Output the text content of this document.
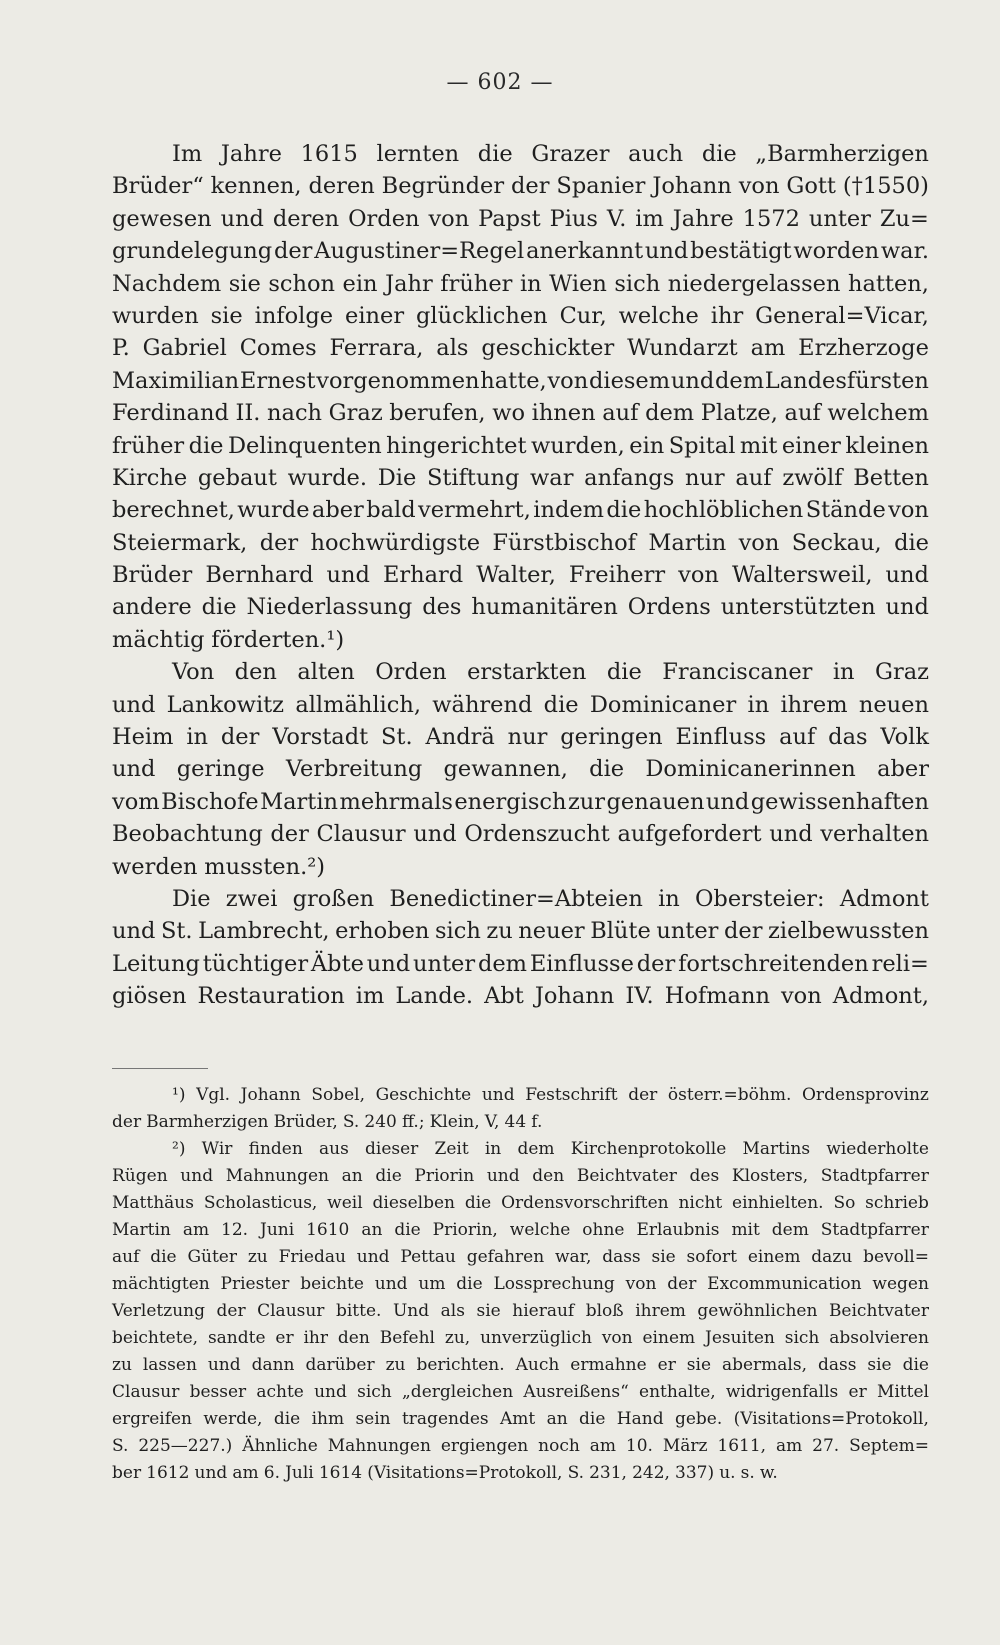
— 602 —
Im Jahre 1615 lernten die Grazer auch die „Barmherzigen
Brüder“ kennen, deren Begründer der Spanier Johann von Gott (†1550)
gewesen und deren Orden von Papst Pius V. im Jahre 1572 unter Zu=
grundelegung der Augustiner=Regel anerkannt und bestätigt worden war.
Nachdem sie schon ein Jahr früher in Wien sich niedergelassen hatten,
wurden sie infolge einer glücklichen Cur, welche ihr General=Vicar,
P. Gabriel Comes Ferrara, als geschickter Wundarzt am Erzherzoge
Maximilian Ernest vorgenommen hatte, von diesem und dem Landesfürsten
Ferdinand II. nach Graz berufen, wo ihnen auf dem Platze, auf welchem
früher die Delinquenten hingerichtet wurden, ein Spital mit einer kleinen
Kirche gebaut wurde. Die Stiftung war anfangs nur auf zwölf Betten
berechnet, wurde aber bald vermehrt, indem die hochlöblichen Stände von
Steiermark, der hochwürdigste Fürstbischof Martin von Seckau, die
Brüder Bernhard und Erhard Walter, Freiherr von Waltersweil, und
andere die Niederlassung des humanitären Ordens unterstützten und
mächtig förderten.¹)
Von den alten Orden erstarkten die Franciscaner in Graz
und Lankowitz allmählich, während die Dominicaner in ihrem neuen
Heim in der Vorstadt St. Andrä nur geringen Einfluss auf das Volk
und geringe Verbreitung gewannen, die Dominicanerinnen aber
vom Bischofe Martin mehrmals energisch zur genauen und gewissenhaften
Beobachtung der Clausur und Ordenszucht aufgefordert und verhalten
werden mussten.²)
Die zwei großen Benedictiner=Abteien in Obersteier: Admont
und St. Lambrecht, erhoben sich zu neuer Blüte unter der zielbewussten
Leitung tüchtiger Äbte und unter dem Einflusse der fortschreitenden reli=
giösen Restauration im Lande. Abt Johann IV. Hofmann von Admont,
¹) Vgl. Johann Sobel, Geschichte und Festschrift der österr.=böhm. Ordensprovinz
der Barmherzigen Brüder, S. 240 ff.; Klein, V, 44 f.
²) Wir finden aus dieser Zeit in dem Kirchenprotokolle Martins wiederholte
Rügen und Mahnungen an die Priorin und den Beichtvater des Klosters, Stadtpfarrer
Matthäus Scholasticus, weil dieselben die Ordensvorschriften nicht einhielten. So schrieb
Martin am 12. Juni 1610 an die Priorin, welche ohne Erlaubnis mit dem Stadtpfarrer
auf die Güter zu Friedau und Pettau gefahren war, dass sie sofort einem dazu bevoll=
mächtigten Priester beichte und um die Lossprechung von der Excommunication wegen
Verletzung der Clausur bitte. Und als sie hierauf bloß ihrem gewöhnlichen Beichtvater
beichtete, sandte er ihr den Befehl zu, unverzüglich von einem Jesuiten sich absolvieren
zu lassen und dann darüber zu berichten. Auch ermahne er sie abermals, dass sie die
Clausur besser achte und sich „dergleichen Ausreißens“ enthalte, widrigenfalls er Mittel
ergreifen werde, die ihm sein tragendes Amt an die Hand gebe. (Visitations=Protokoll,
S. 225—227.) Ähnliche Mahnungen ergiengen noch am 10. März 1611, am 27. Septem=
ber 1612 und am 6. Juli 1614 (Visitations=Protokoll, S. 231, 242, 337) u. s. w.
